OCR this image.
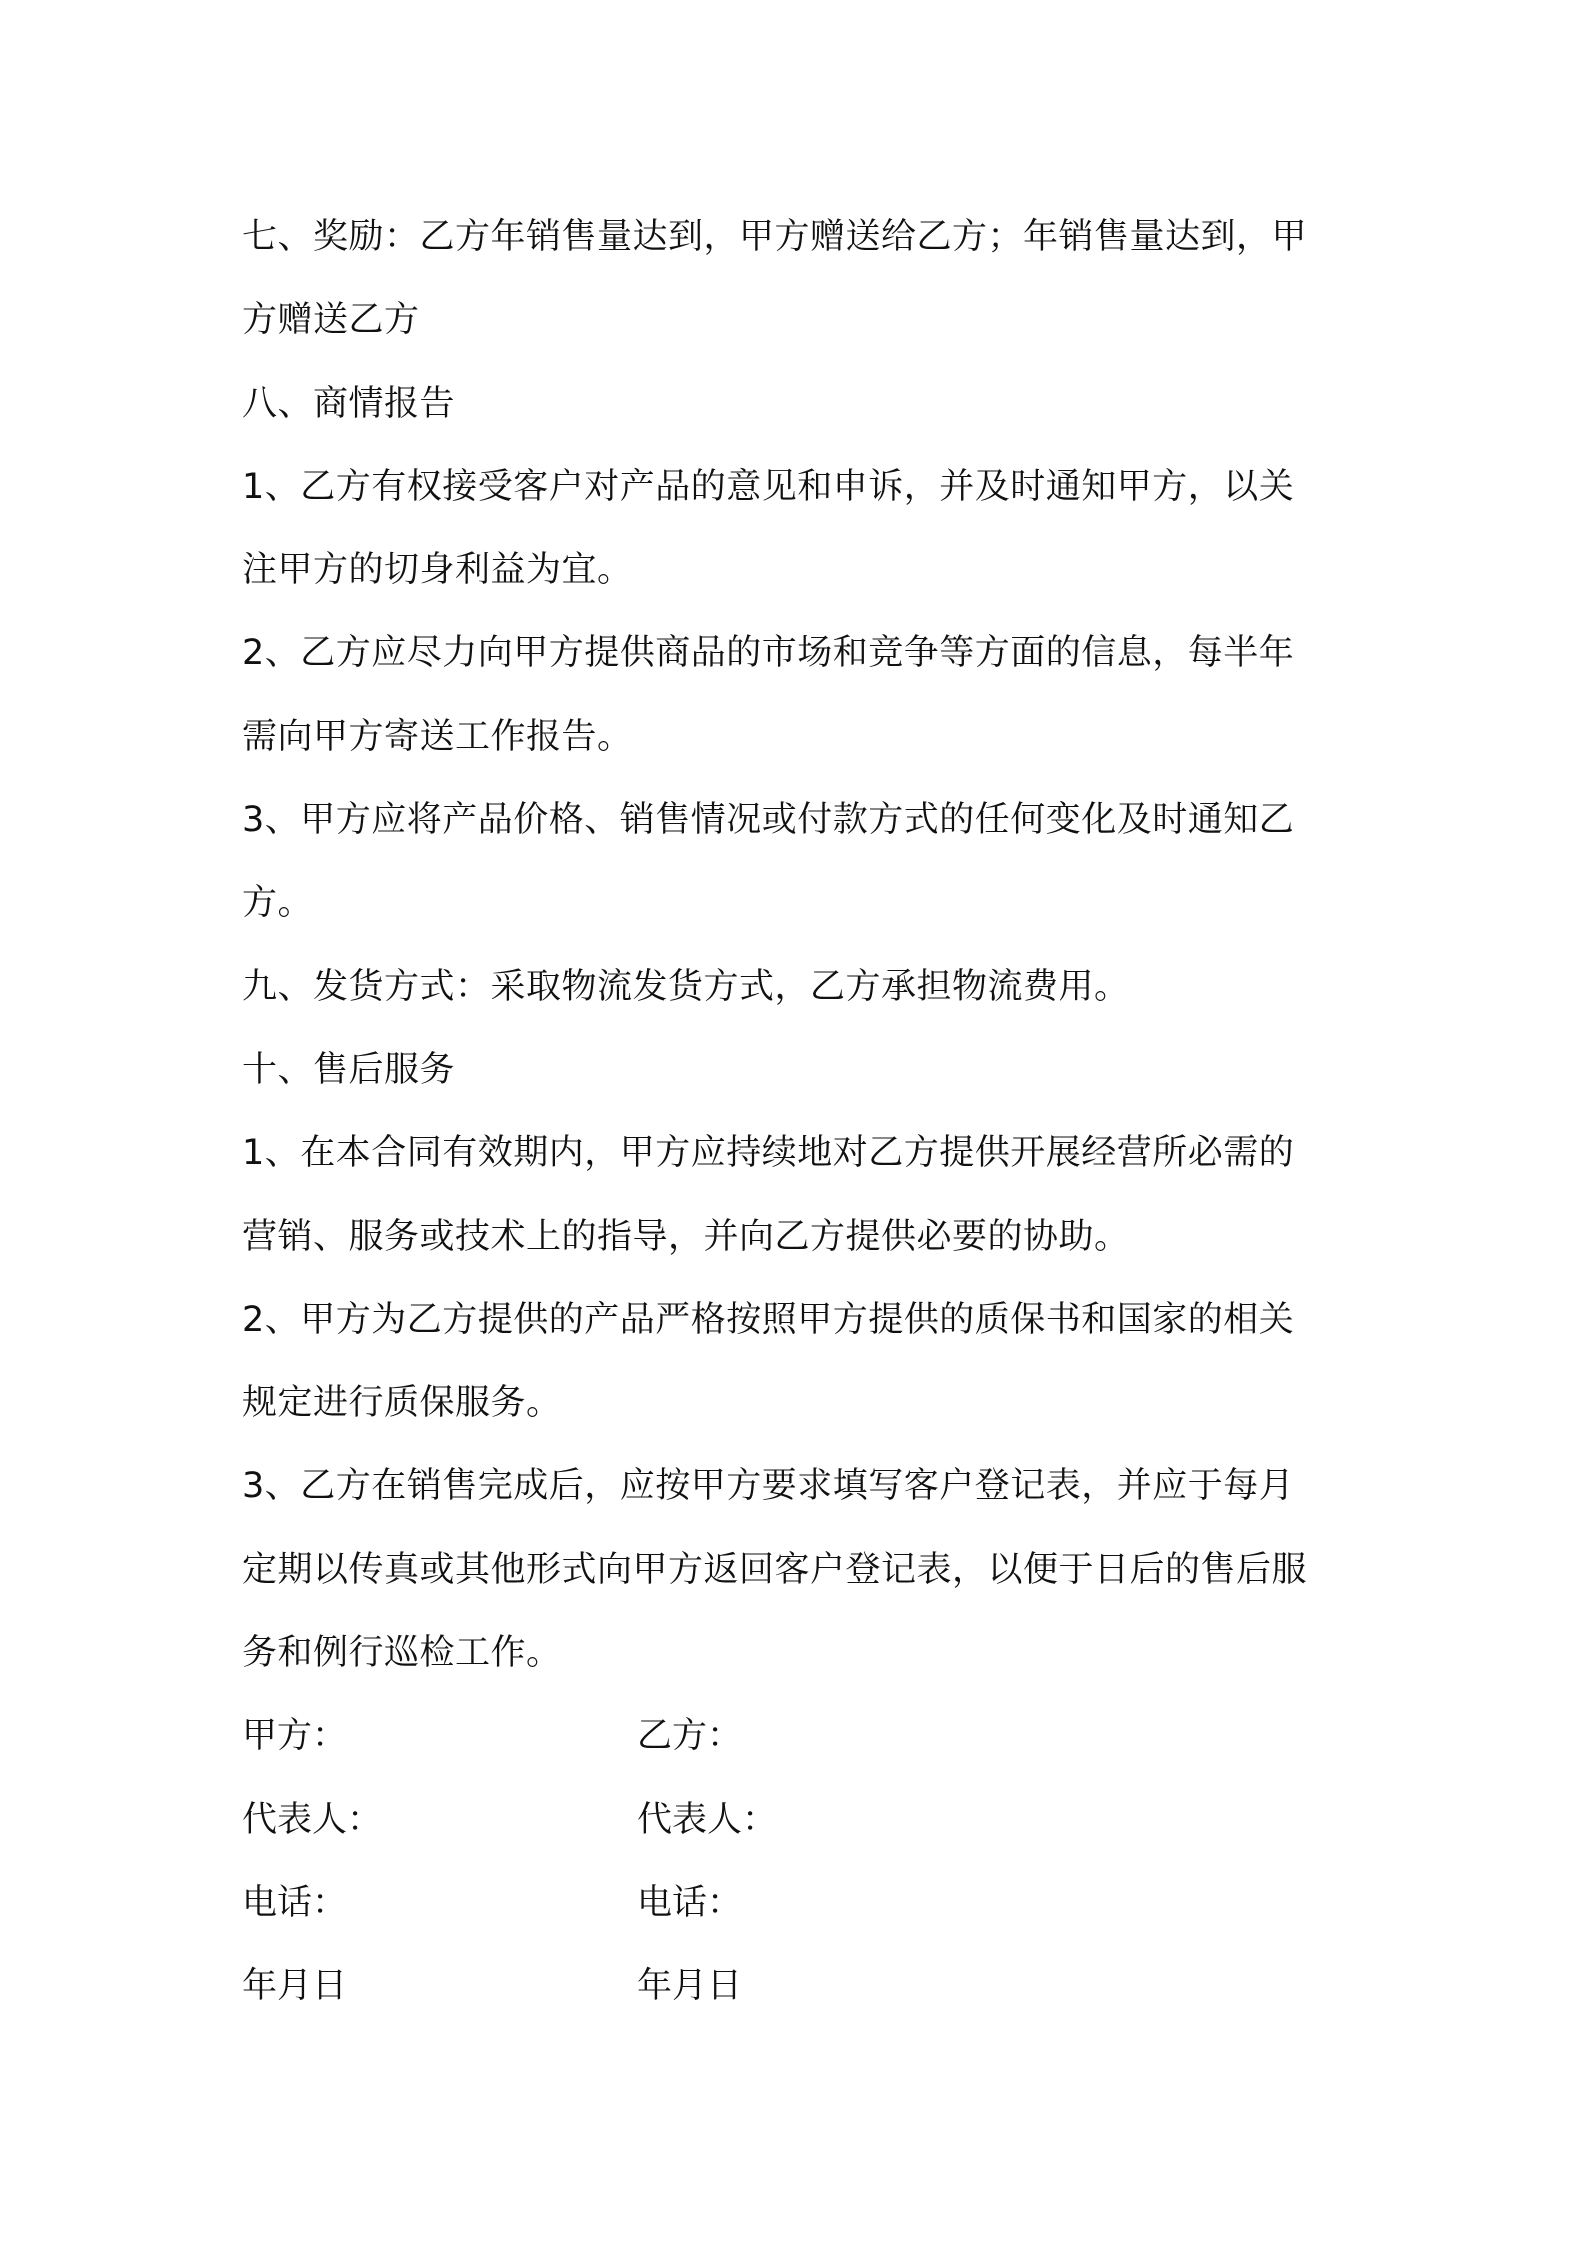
七、奖励：乙方年销售量达到，甲方赠送给乙方；年销售量达到，甲
方赠送乙方
八、商情报告
1、乙方有权接受客户对产品的意见和申诉，并及时通知甲方，以关
注甲方的切身利益为宜。
2、乙方应尽力向甲方提供商品的市场和竞争等方面的信息，每半年
需向甲方寄送工作报告。
3、甲方应将产品价格、销售情况或付款方式的任何变化及时通知乙
方。
九、发货方式：采取物流发货方式，乙方承担物流费用。
十、售后服务
1、在本合同有效期内，甲方应持续地对乙方提供开展经营所必需的
营销、服务或技术上的指导，并向乙方提供必要的协助。
2、甲方为乙方提供的产品严格按照甲方提供的质保书和国家的相关
规定进行质保服务。
3、乙方在销售完成后，应按甲方要求填写客户登记表，并应于每月
定期以传真或其他形式向甲方返回客户登记表，以便于日后的售后服
务和例行巡检工作。
甲方：	乙方：
代表人：	代表人：
电话：	电话：
年月日	年月日
